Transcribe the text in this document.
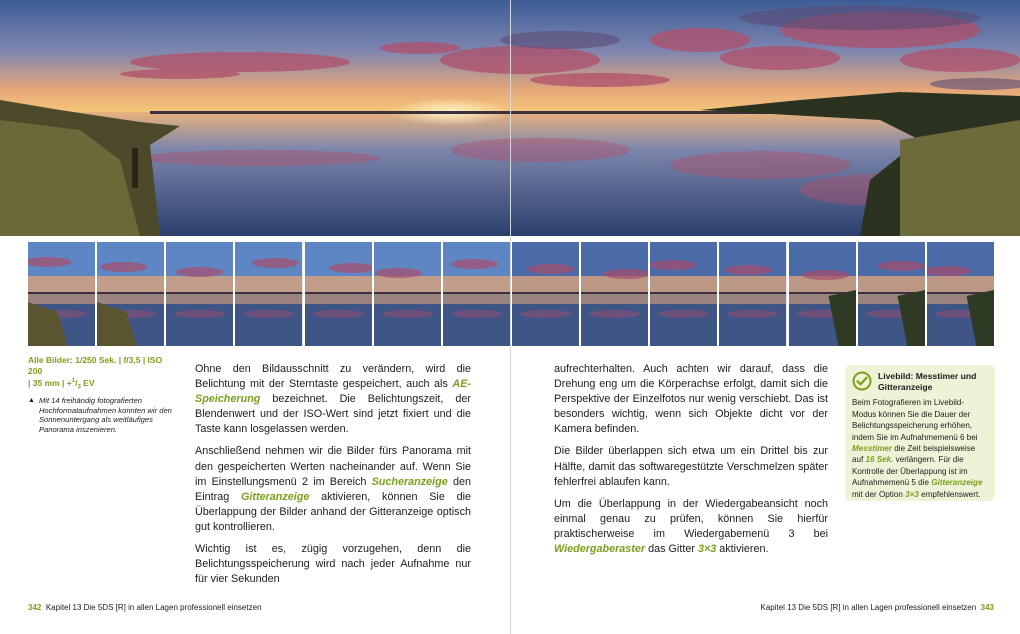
Alle Bilder: 1/250 Sek. | f/3,5 | ISO 200
| 35 mm | $+^1/_3$ EV
▲ Mit 14 freihändig fotografierten Hochformataufnahmen konnten wir den Sonnenuntergang als weitläufiges Panorama inszenieren.

Ohne den Bildausschnitt zu verändern, wird die Belichtung mit der Sterntaste gespeichert, auch als AE-Speicherung bezeichnet. Die Belichtungszeit, der Blendenwert und der ISO-Wert sind jetzt fixiert und die Taste kann losgelassen werden.

Anschließend nehmen wir die Bilder fürs Panorama mit den gespeicherten Werten nacheinander auf. Wenn Sie im Einstellungsmenü 2 im Bereich Sucheranzeige den Eintrag Gitteranzeige aktivieren, können Sie die Überlappung der Bilder anhand der Gitteranzeige optisch gut kontrollieren.

Wichtig ist es, zügig vorzugehen, denn die Belichtungsspeicherung wird nach jeder Aufnahme nur für vier Sekunden

aufrechterhalten. Auch achten wir darauf, dass die Drehung eng um die Körperachse erfolgt, damit sich die Perspektive der Einzelfotos nur wenig verschiebt. Das ist besonders wichtig, wenn sich Objekte dicht vor der Kamera befinden.

Die Bilder überlappen sich etwa um ein Drittel bis zur Hälfte, damit das softwaregestützte Verschmelzen später fehlerfrei ablaufen kann.

Um die Überlappung in der Wiedergabeansicht noch einmal genau zu prüfen, können Sie hierfür praktischerweise im Wiedergabemenü 3 bei Wiedergaberaster das Gitter 3×3 aktivieren.

Livebild: Messtimer und Gitteranzeige
Beim Fotografieren im Livebild-Modus können Sie die Dauer der Belichtungsspeicherung erhöhen, indem Sie im Aufnahmemenü 6 bei Messtimer die Zeit beispielsweise auf 16 Sek. verlängern. Für die Kontrolle der Überlappung ist im Aufnahmemenü 5 die Gitteranzeige mit der Option 3×3 empfehlenswert.
342 Kapitel 13 Die 5DS [R] in allen Lagen professionell einsetzen	Kapitel 13 Die 5DS [R] in allen Lagen professionell einsetzen 343
